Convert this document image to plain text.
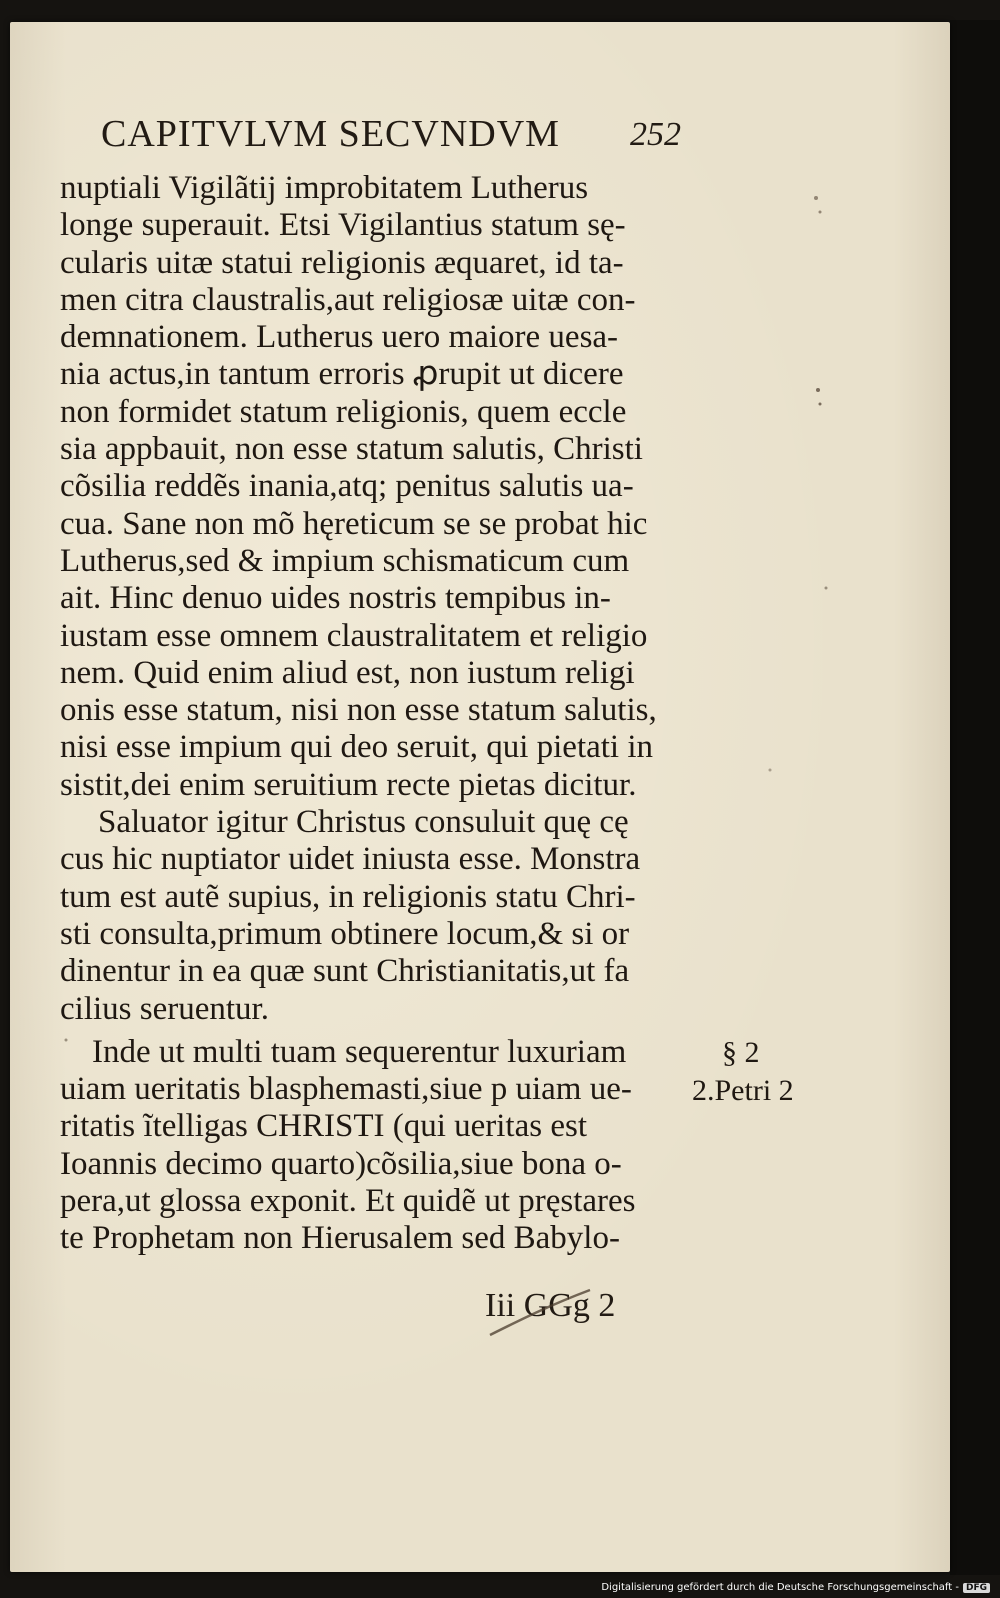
CAPITVLVM SECVNDVM	252
nuptiali Vigilãtij improbitatem Lutherus
longe superauit. Etsi Vigilantius statum sę-
cularis uitæ statui religionis æquaret, id ta-
men citra claustralis,aut religiosæ uitæ con-
demnationem. Lutherus uero maiore uesa-
nia actus,in tantum erroris ꝓrupit ut dicere
non formidet statum religionis, quem eccle
sia appbauit, non esse statum salutis, Christi
cõsilia reddẽs inania,atq; penitus salutis ua-
cua. Sane non mõ hęreticum se se probat hic
Lutherus,sed & impium schismaticum cum
ait. Hinc denuo uides nostris tempibus in-
iustam esse omnem claustralitatem et religio
nem. Quid enim aliud est, non iustum religi
onis esse statum, nisi non esse statum salutis,
nisi esse impium qui deo seruit, qui pietati in
sistit,dei enim seruitium recte pietas dicitur.
Saluator igitur Christus consuluit quę cę
cus hic nuptiator uidet iniusta esse. Monstra
tum est autẽ supius, in religionis statu Chri-
sti consulta,primum obtinere locum,& si or
dinentur in ea quæ sunt Christianitatis,ut fa
cilius seruentur.
Inde ut multi tuam sequerentur luxuriam
uiam ueritatis blasphemasti,siue p uiam ue-
ritatis ĩtelligas CHRISTI (qui ueritas est
Ioannis decimo quarto)cõsilia,siue bona o-
pera,ut glossa exponit. Et quidẽ ut pręstares
te Prophetam non Hierusalem sed Babylo-
§ 2
2.Petri 2
Iii GGg 2
Digitalisierung gefördert durch die Deutsche Forschungsgemeinschaft - DFG
